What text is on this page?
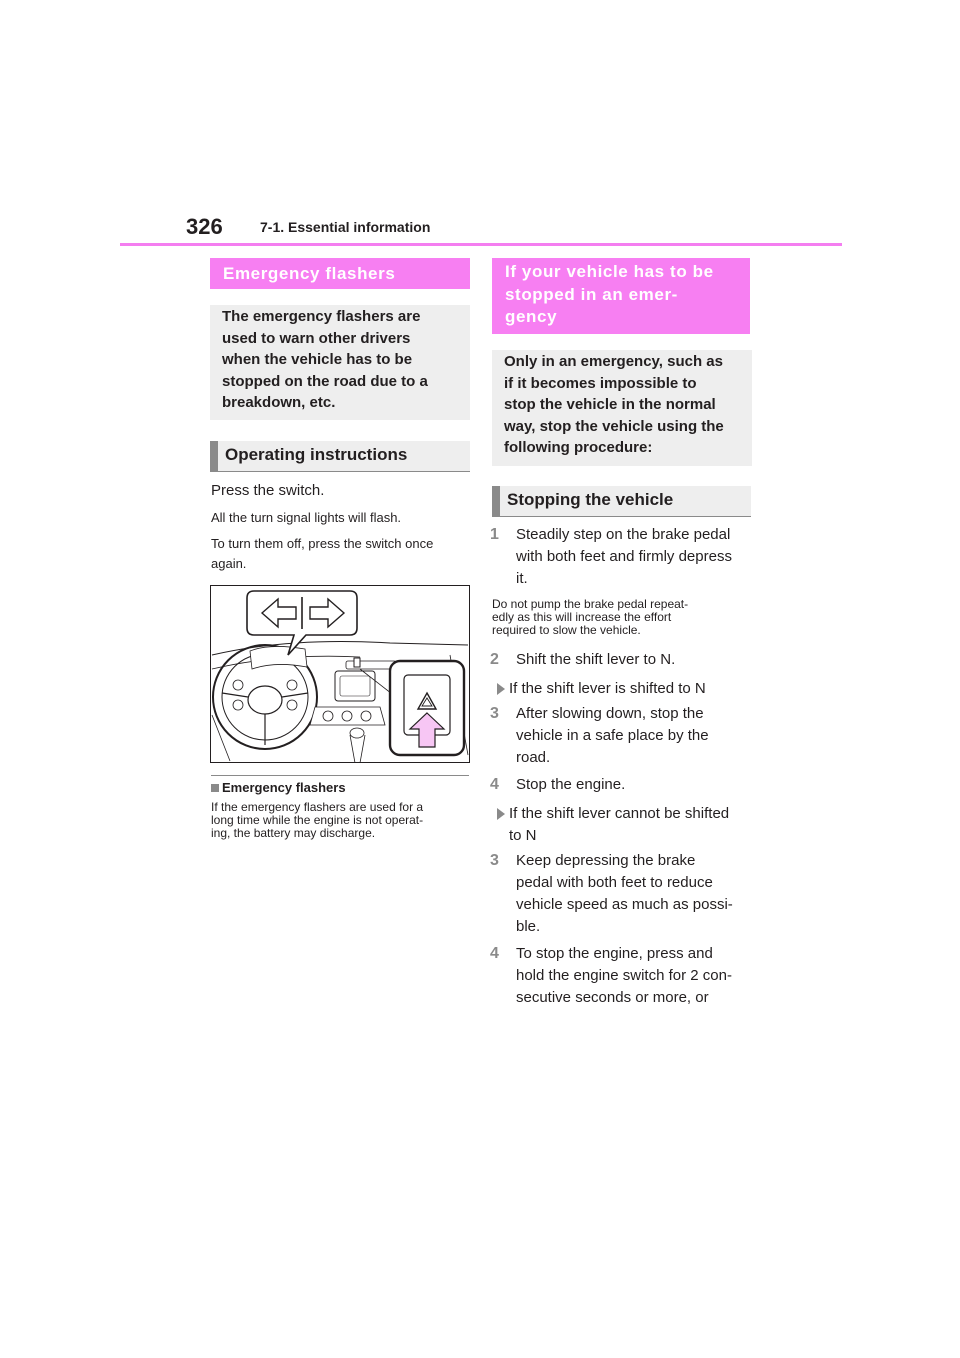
326	7-1. Essential information
Emergency flashers
The emergency flashers are
used to warn other drivers
when the vehicle has to be
stopped on the road due to a
breakdown, etc.
Operating instructions
Press the switch.
All the turn signal lights will flash.
To turn them off, press the switch once
again.
Emergency flashers
If the emergency flashers are used for a
long time while the engine is not operat-
ing, the battery may discharge.
If your vehicle has to be
stopped in an emer-
gency
Only in an emergency, such as
if it becomes impossible to
stop the vehicle in the normal
way, stop the vehicle using the
following procedure:
Stopping the vehicle
1 Steadily step on the brake pedal
with both feet and firmly depress
it.
Do not pump the brake pedal repeat-
edly as this will increase the effort
required to slow the vehicle.
2 Shift the shift lever to N.
If the shift lever is shifted to N
3 After slowing down, stop the
vehicle in a safe place by the
road.
4 Stop the engine.
If the shift lever cannot be shifted
to N
3 Keep depressing the brake
pedal with both feet to reduce
vehicle speed as much as possi-
ble.
4 To stop the engine, press and
hold the engine switch for 2 con-
secutive seconds or more, or
